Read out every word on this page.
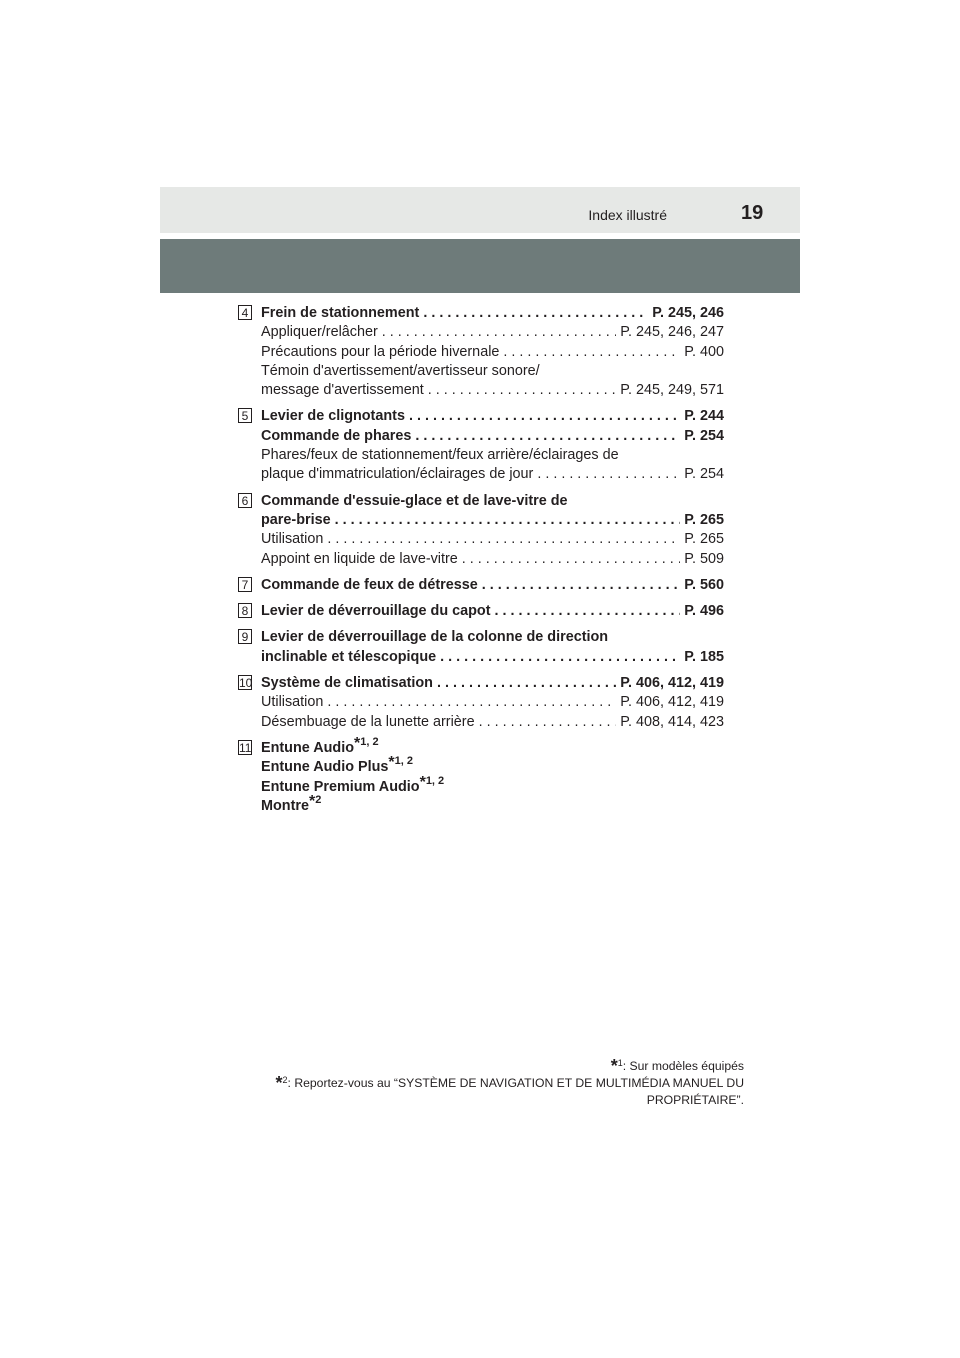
Index illustré	19
4 Frein de stationnement . . .	P. 245, 246
Appliquer/relâcher . . .	P. 245, 246, 247
Précautions pour la période hivernale . . .	P. 400
Témoin d'avertissement/avertisseur sonore/
message d'avertissement . . .	P. 245, 249, 571
5 Levier de clignotants . . .	P. 244
Commande de phares . . .	P. 254
Phares/feux de stationnement/feux arrière/éclairages de
plaque d'immatriculation/éclairages de jour . . .	P. 254
6 Commande d'essuie-glace et de lave-vitre de
pare-brise . . .	P. 265
Utilisation . . .	P. 265
Appoint en liquide de lave-vitre . . .	P. 509
7 Commande de feux de détresse . . .	P. 560
8 Levier de déverrouillage du capot . . .	P. 496
9 Levier de déverrouillage de la colonne de direction
inclinable et télescopique . . .	P. 185
10 Système de climatisation . . .	P. 406, 412, 419
Utilisation . . .	P. 406, 412, 419
Désembuage de la lunette arrière . . .	P. 408, 414, 423
11 Entune Audio$^{*1, 2}$
Entune Audio Plus$^{*1, 2}$
Entune Premium Audio$^{*1, 2}$
Montre$^{*2}$
*$^1$: Sur modèles équipés
*$^2$: Reportez-vous au “SYSTÈME DE NAVIGATION ET DE MULTIMÉDIA MANUEL DU PROPRIÉTAIRE”.
